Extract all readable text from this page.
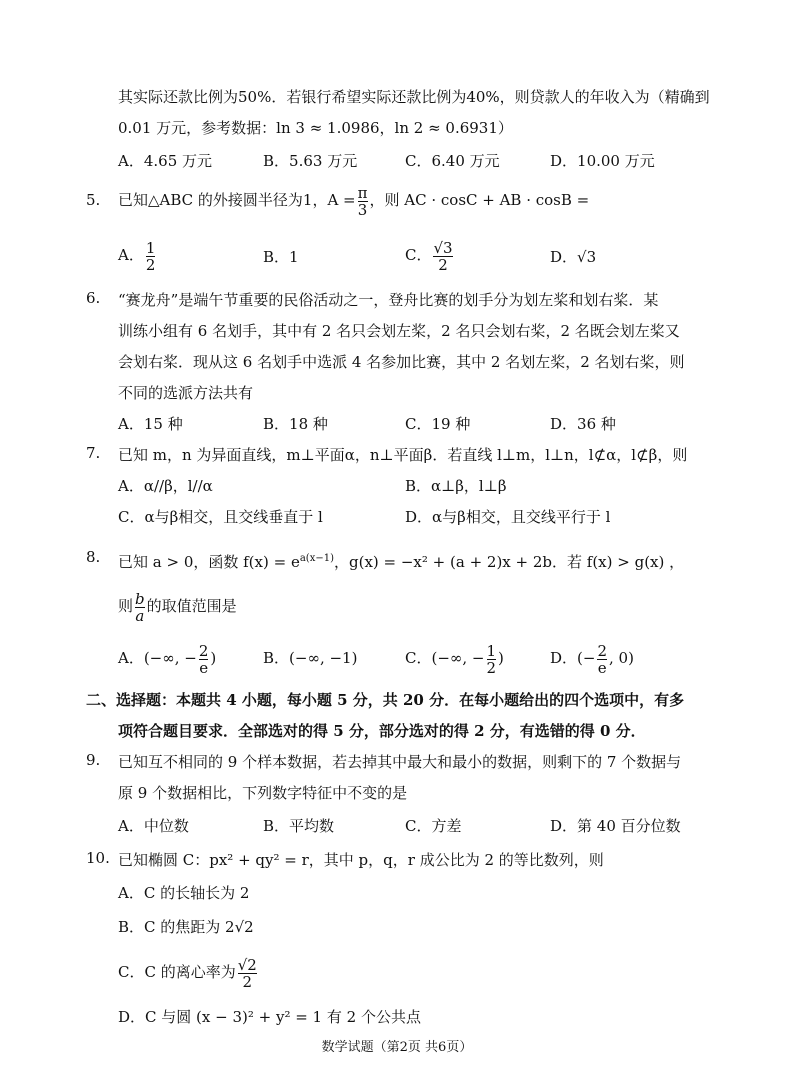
其实际还款比例为50%．若银行希望实际还款比例为40%，则贷款人的年收入为（精确到
0.01 万元，参考数据：ln 3 ≈ 1.0986，ln 2 ≈ 0.6931）
A．4.65 万元	B．5.63 万元	C．6.40 万元	D．10.00 万元
5. 已知△ABC 的外接圆半径为1，$A = \frac{\pi}{3}$ ，则 AC · cosC + AB · cosB =
A． $\frac{1}{2}$	B．1	C． $\frac{√3}{2}$	D．√3
6. “赛龙舟”是端午节重要的民俗活动之一，登舟比赛的划手分为划左桨和划右桨．某
训练小组有 6 名划手，其中有 2 名只会划左桨，2 名只会划右桨，2 名既会划左桨又
会划右桨．现从这 6 名划手中选派 4 名参加比赛，其中 2 名划左桨，2 名划右桨，则
不同的选派方法共有
A．15 种	B．18 种	C．19 种	D．36 种
7. 已知 m，n 为异面直线，m⊥平面α，n⊥平面β．若直线 l⊥m，l⊥n，l⊄α，l⊄β，则
A．α//β，l//α	B．α⊥β，l⊥β
C．α与β相交，且交线垂直于 l	D．α与β相交，且交线平行于 l
8. 已知 a > 0，函数 $f(x) = e^{a(x-1)}$，g(x) = −x² + (a + 2)x + 2b．若 f(x) > g(x) ，
则 $\frac{b}{a}$ 的取值范围是
A．(−∞, − $\frac{2}{e}$ )	B．(−∞, −1)	C．(−∞, − $\frac{1}{2}$ )	D．(− $\frac{2}{e}$ , 0)
二、选择题：本题共 4 小题，每小题 5 分，共 20 分．在每小题给出的四个选项中，有多
项符合题目要求．全部选对的得 5 分，部分选对的得 2 分，有选错的得 0 分．
9. 已知互不相同的 9 个样本数据，若去掉其中最大和最小的数据，则剩下的 7 个数据与
原 9 个数据相比，下列数字特征中不变的是
A．中位数	B．平均数	C．方差	D．第 40 百分位数
10. 已知椭圆 C：px² + qy² = r，其中 p，q，r 成公比为 2 的等比数列，则
A．C 的长轴长为 2
B．C 的焦距为 2√2
C．C 的离心率为 $\frac{√2}{2}$
D．C 与圆 (x − 3)² + y² = 1 有 2 个公共点
数学试题（第2页 共6页）
